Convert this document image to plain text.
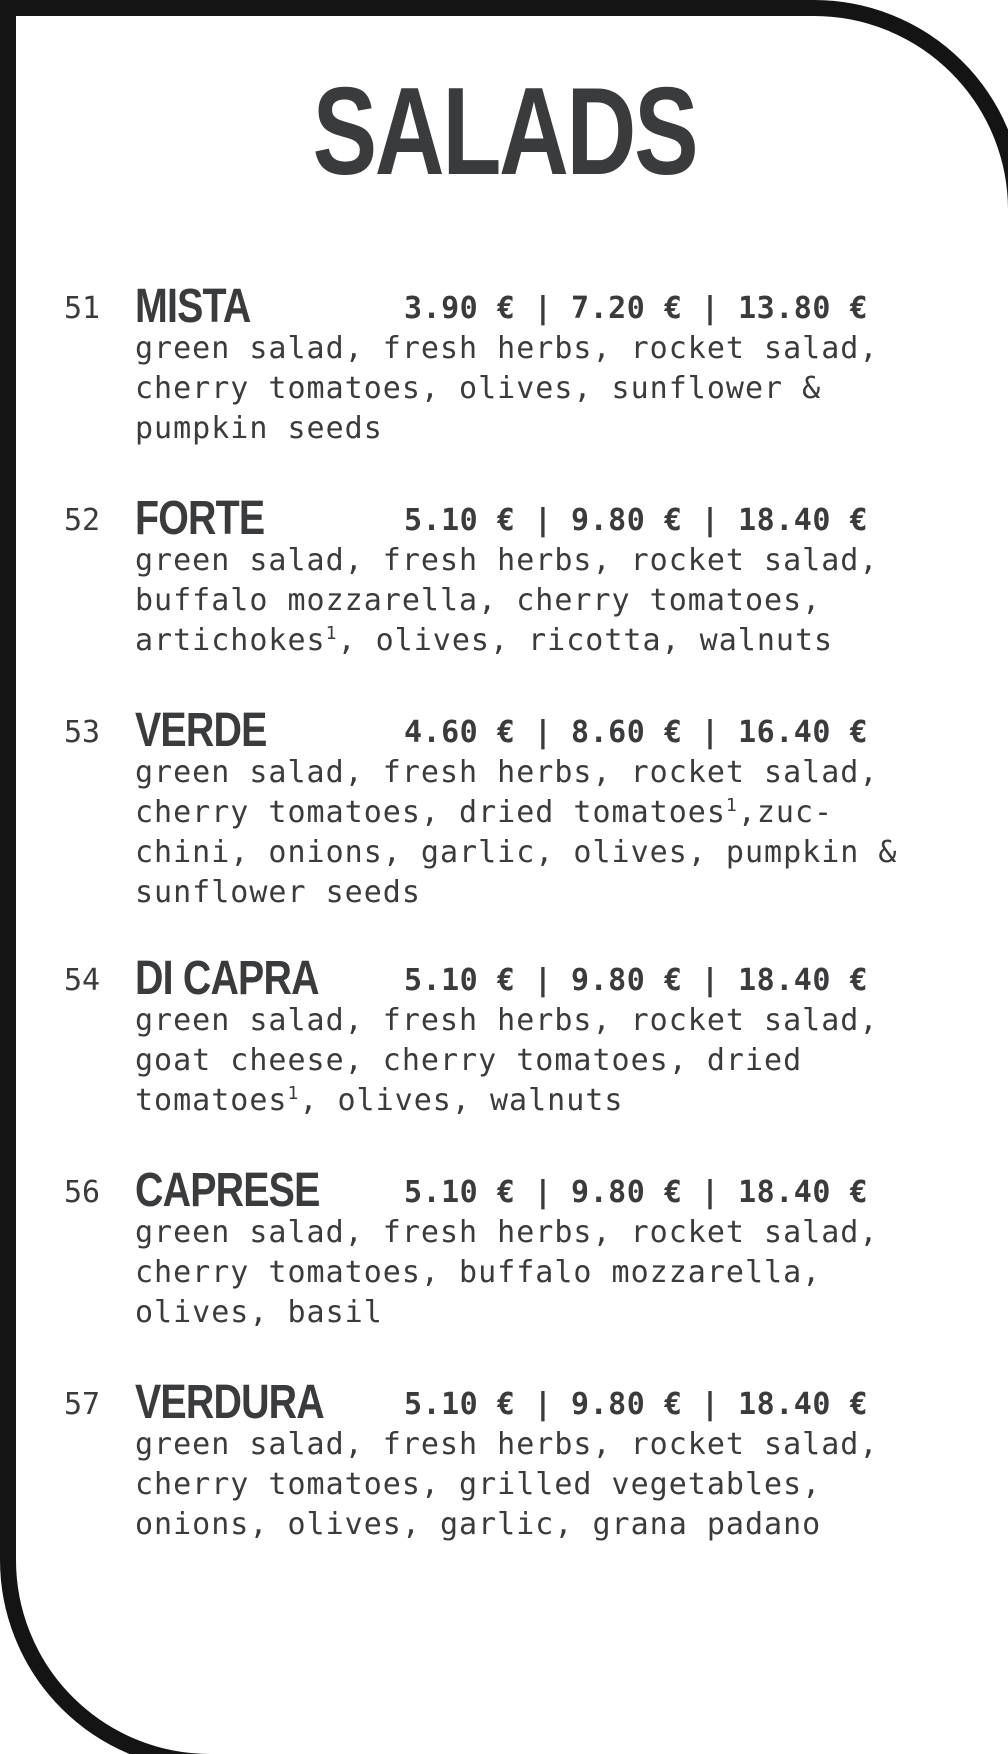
SALADS
51 MISTA	3.90 € | 7.20 € | 13.80 €
green salad, fresh herbs, rocket salad,
cherry tomatoes, olives, sunflower &
pumpkin seeds
52 FORTE	5.10 € | 9.80 € | 18.40 €
green salad, fresh herbs, rocket salad,
buffalo mozzarella, cherry tomatoes,
artichokes$^1$, olives, ricotta, walnuts
53 VERDE	4.60 € | 8.60 € | 16.40 €
green salad, fresh herbs, rocket salad,
cherry tomatoes, dried tomatoes$^1$,zuc-
chini, onions, garlic, olives, pumpkin &
sunflower seeds
54 DI CAPRA	5.10 € | 9.80 € | 18.40 €
green salad, fresh herbs, rocket salad,
goat cheese, cherry tomatoes, dried
tomatoes$^1$, olives, walnuts
56 CAPRESE	5.10 € | 9.80 € | 18.40 €
green salad, fresh herbs, rocket salad,
cherry tomatoes, buffalo mozzarella,
olives, basil
57 VERDURA	5.10 € | 9.80 € | 18.40 €
green salad, fresh herbs, rocket salad,
cherry tomatoes, grilled vegetables,
onions, olives, garlic, grana padano
